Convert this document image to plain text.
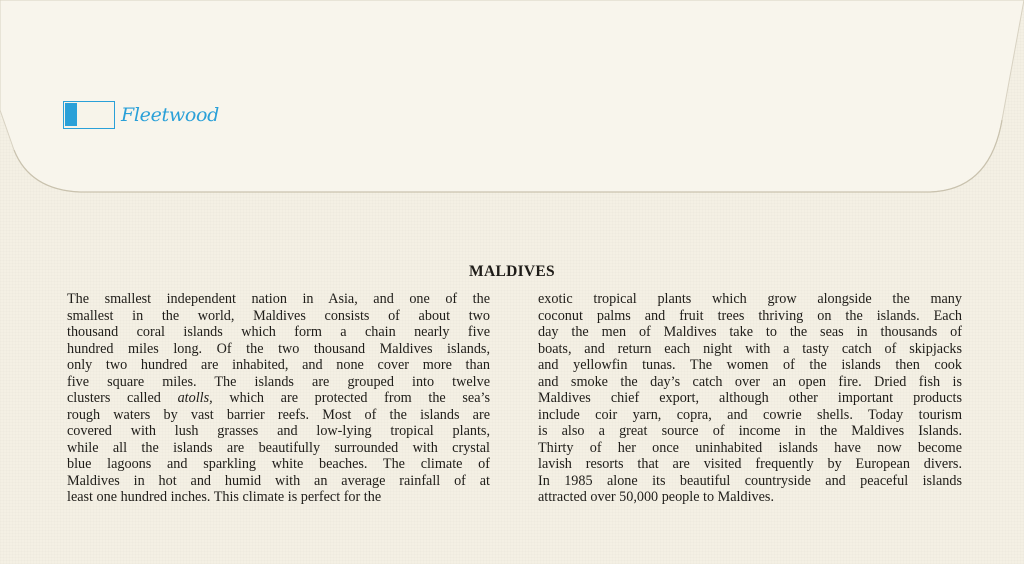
Fleetwood
MALDIVES
The smallest independent nation in Asia, and one of the
smallest in the world, Maldives consists of about two
thousand coral islands which form a chain nearly five
hundred miles long. Of the two thousand Maldives islands,
only two hundred are inhabited, and none cover more than
five square miles. The islands are grouped into twelve
clusters called atolls, which are protected from the sea’s
rough waters by vast barrier reefs. Most of the islands are
covered with lush grasses and low-lying tropical plants,
while all the islands are beautifully surrounded with crystal
blue lagoons and sparkling white beaches. The climate of
Maldives in hot and humid with an average rainfall of at
least one hundred inches. This climate is perfect for the
exotic tropical plants which grow alongside the many
coconut palms and fruit trees thriving on the islands. Each
day the men of Maldives take to the seas in thousands of
boats, and return each night with a tasty catch of skipjacks
and yellowfin tunas. The women of the islands then cook
and smoke the day’s catch over an open fire. Dried fish is
Maldives chief export, although other important products
include coir yarn, copra, and cowrie shells. Today tourism
is also a great source of income in the Maldives Islands.
Thirty of her once uninhabited islands have now become
lavish resorts that are visited frequently by European divers.
In 1985 alone its beautiful countryside and peaceful islands
attracted over 50,000 people to Maldives.
